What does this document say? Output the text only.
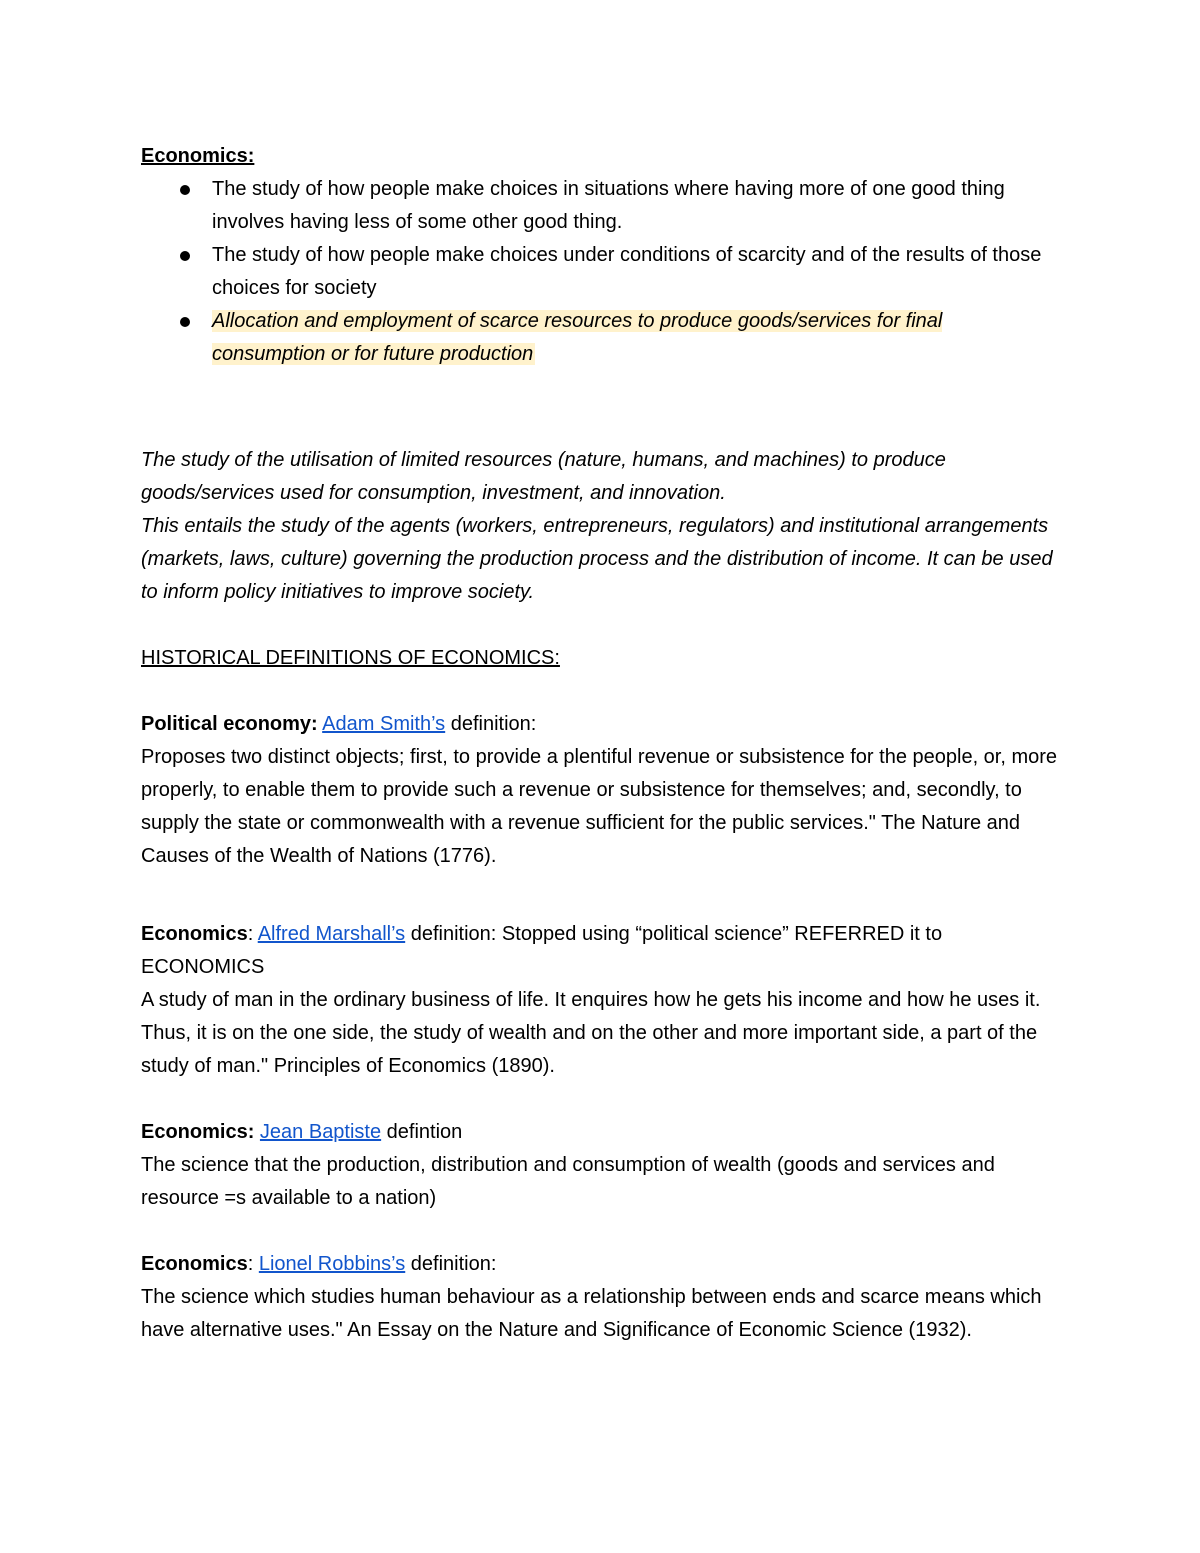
Economics:

The study of how people make choices in situations where having more of one good thing involves having less of some other good thing.
The study of how people make choices under conditions of scarcity and of the results of those choices for society
Allocation and employment of scarce resources to produce goods/services for final consumption or for future production

The study of the utilisation of limited resources (nature, humans, and machines) to produce goods/services used for consumption, investment, and innovation.

This entails the study of the agents (workers, entrepreneurs, regulators) and institutional arrangements (markets, laws, culture) governing the production process and the distribution of income. It can be used to inform policy initiatives to improve society.

HISTORICAL DEFINITIONS OF ECONOMICS:

Political economy: Adam Smith’s definition:

Proposes two distinct objects; first, to provide a plentiful revenue or subsistence for the people, or, more properly, to enable them to provide such a revenue or subsistence for themselves; and, secondly, to supply the state or commonwealth with a revenue sufficient for the public services." The Nature and Causes of the Wealth of Nations (1776).

Economics: Alfred Marshall’s definition: Stopped using “political science” REFERRED it to ECONOMICS

A study of man in the ordinary business of life. It enquires how he gets his income and how he uses it. Thus, it is on the one side, the study of wealth and on the other and more important side, a part of the study of man." Principles of Economics (1890).

Economics: Jean Baptiste defintion

The science that the production, distribution and consumption of wealth (goods and services and resource =s available to a nation)

Economics: Lionel Robbins’s definition:

The science which studies human behaviour as a relationship between ends and scarce means which have alternative uses." An Essay on the Nature and Significance of Economic Science (1932).
